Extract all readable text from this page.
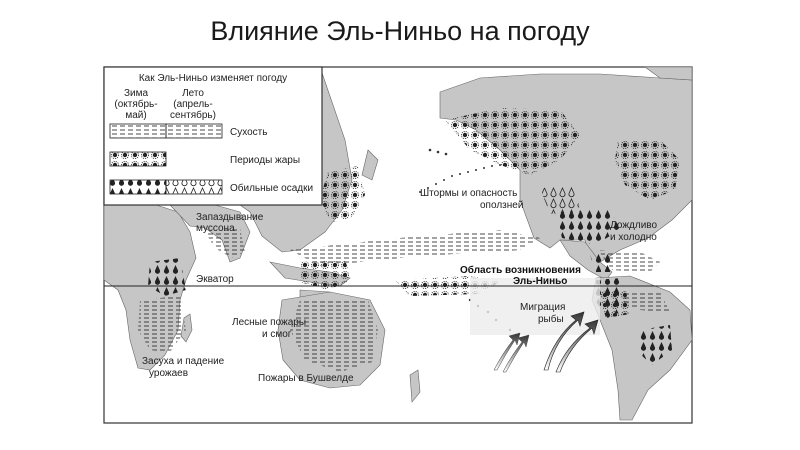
Влияние Эль-Ниньо на погоду
Как Эль-Ниньо изменяет погоду
Зима
(октябрь-
май)
Лето
(апрель-
сентябрь)
Сухость
Периоды жары
Обильные осадки
Запаздывание
муссона
Экватор
Засуха и падение
урожаев
Лесные пожары
и смог
Пожары в Бушвелде
Штормы и опасность
оползней
Дождливо
и холодно
Область возникновения
Эль-Ниньо
Миграция
рыбы
